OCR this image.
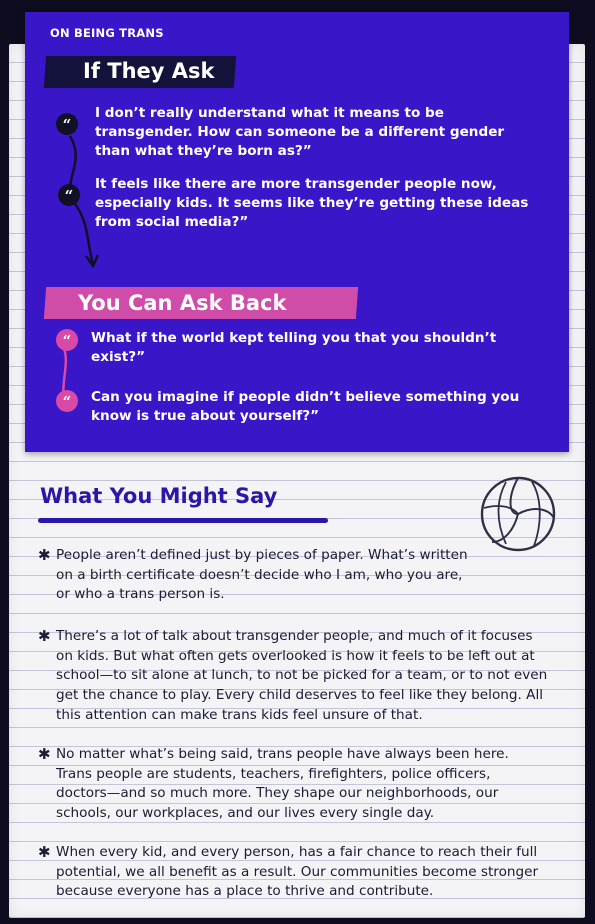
ON BEING TRANS
If They Ask
“
I don’t really understand what it means to be transgender. How can someone be a different gender than what they’re born as?”
“
It feels like there are more transgender people now, especially kids. It seems like they’re getting these ideas from social media?”
You Can Ask Back
“	What if the world kept telling you that you shouldn’t exist?”
“	Can you imagine if people didn’t believe something you know is true about yourself?”
What You Might Say
✱ People aren’t defined just by pieces of paper. What’s written on a birth certificate doesn’t decide who I am, who you are, or who a trans person is.
✱ There’s a lot of talk about transgender people, and much of it focuses on kids. But what often gets overlooked is how it feels to be left out at school—to sit alone at lunch, to not be picked for a team, or to not even get the chance to play. Every child deserves to feel like they belong. All this attention can make trans kids feel unsure of that.
✱ No matter what’s being said, trans people have always been here. Trans people are students, teachers, firefighters, police officers, doctors—and so much more. They shape our neighborhoods, our schools, our workplaces, and our lives every single day.
✱ When every kid, and every person, has a fair chance to reach their full potential, we all benefit as a result. Our communities become stronger because everyone has a place to thrive and contribute.
